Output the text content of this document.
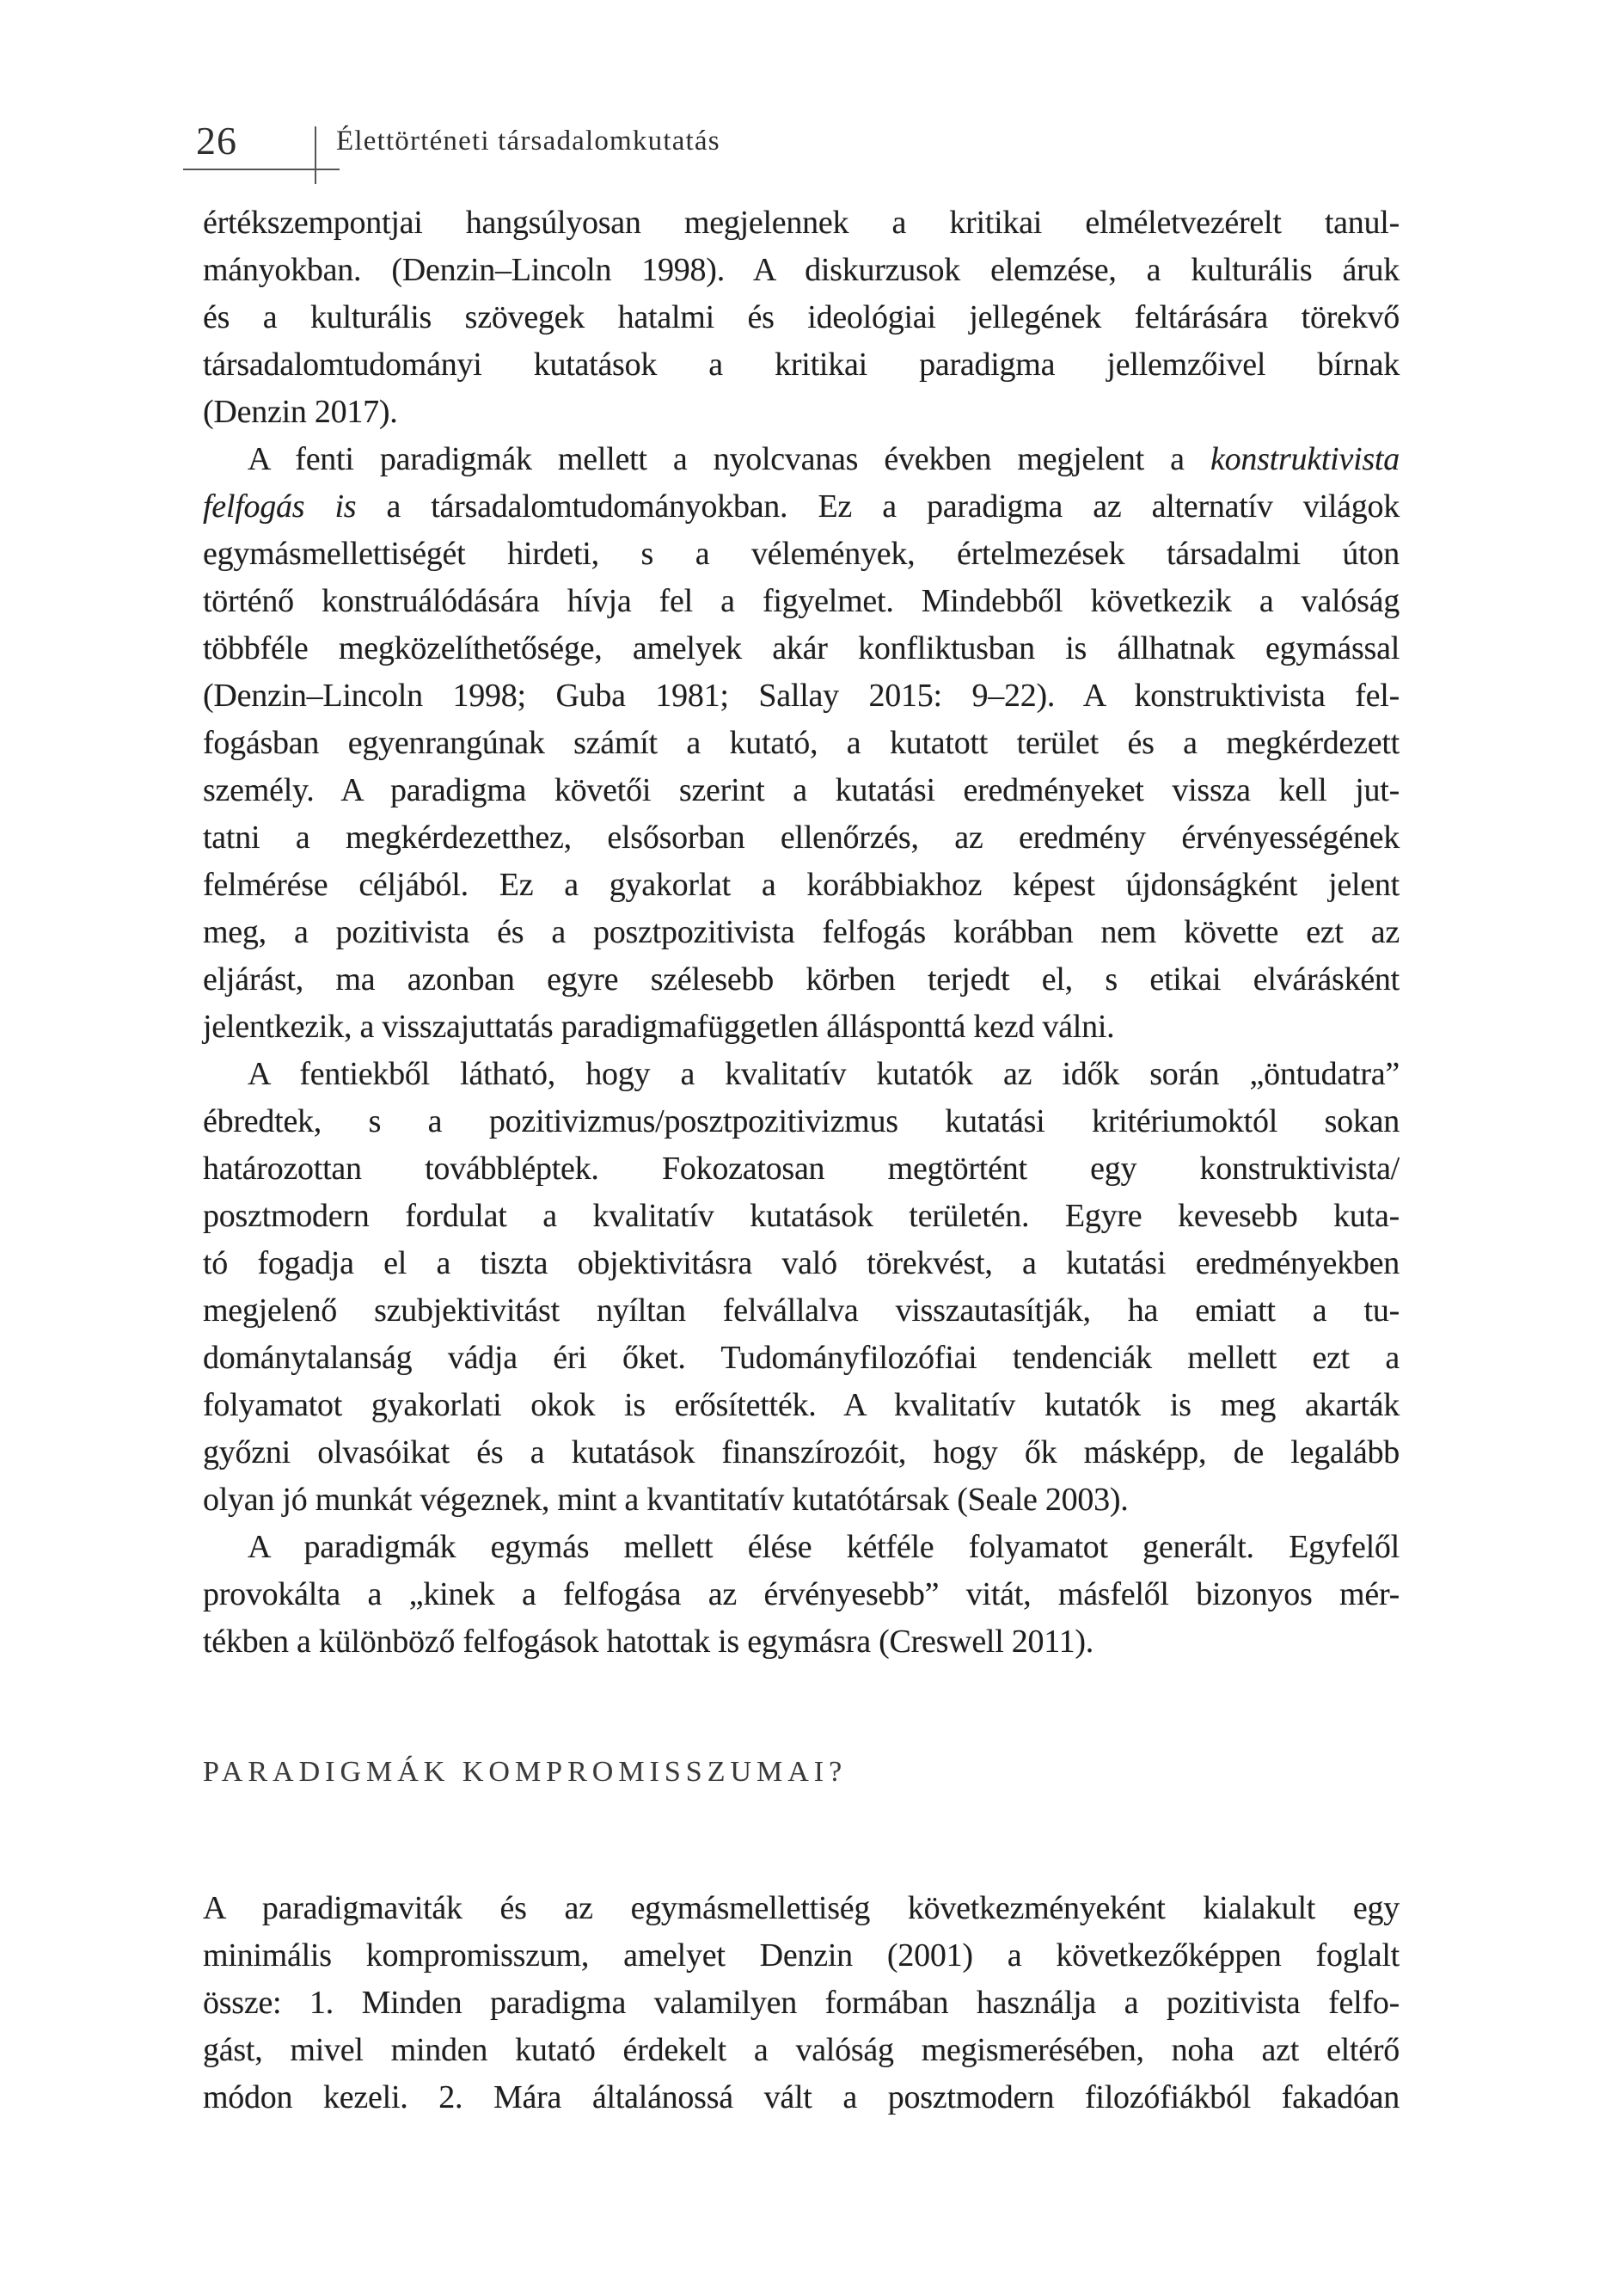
26	Élettörténeti társadalomkutatás
értékszempontjai hangsúlyosan megjelennek a kritikai elméletvezérelt tanul-
mányokban. (Denzin–Lincoln 1998). A diskurzusok elemzése, a kulturális áruk
és a kulturális szövegek hatalmi és ideológiai jellegének feltárására törekvő
társadalomtudományi kutatások a kritikai paradigma jellemzőivel bírnak
(Denzin 2017).
A fenti paradigmák mellett a nyolcvanas években megjelent a konstruktivista
felfogás is a társadalomtudományokban. Ez a paradigma az alternatív világok
egymásmellettiségét hirdeti, s a vélemények, értelmezések társadalmi úton
történő konstruálódására hívja fel a figyelmet. Mindebből következik a valóság
többféle megközelíthetősége, amelyek akár konfliktusban is állhatnak egymással
(Denzin–Lincoln 1998; Guba 1981; Sallay 2015: 9–22). A konstruktivista fel-
fogásban egyenrangúnak számít a kutató, a kutatott terület és a megkérdezett
személy. A paradigma követői szerint a kutatási eredményeket vissza kell jut-
tatni a megkérdezetthez, elsősorban ellenőrzés, az eredmény érvényességének
felmérése céljából. Ez a gyakorlat a korábbiakhoz képest újdonságként jelent
meg, a pozitivista és a posztpozitivista felfogás korábban nem követte ezt az
eljárást, ma azonban egyre szélesebb körben terjedt el, s etikai elvárásként
jelentkezik, a visszajuttatás paradigmafüggetlen állásponttá kezd válni.
A fentiekből látható, hogy a kvalitatív kutatók az idők során „öntudatra”
ébredtek, s a pozitivizmus/posztpozitivizmus kutatási kritériumoktól sokan
határozottan továbbléptek. Fokozatosan megtörtént egy konstruktivista/
posztmodern fordulat a kvalitatív kutatások területén. Egyre kevesebb kuta-
tó fogadja el a tiszta objektivitásra való törekvést, a kutatási eredményekben
megjelenő szubjektivitást nyíltan felvállalva visszautasítják, ha emiatt a tu-
dománytalanság vádja éri őket. Tudományfilozófiai tendenciák mellett ezt a
folyamatot gyakorlati okok is erősítették. A kvalitatív kutatók is meg akarták
győzni olvasóikat és a kutatások finanszírozóit, hogy ők másképp, de legalább
olyan jó munkát végeznek, mint a kvantitatív kutatótársak (Seale 2003).
A paradigmák egymás mellett élése kétféle folyamatot generált. Egyfelől
provokálta a „kinek a felfogása az érvényesebb” vitát, másfelől bizonyos mér-
tékben a különböző felfogások hatottak is egymásra (Creswell 2011).
PARADIGMÁK KOMPROMISSZUMAI?
A paradigmaviták és az egymásmellettiség következményeként kialakult egy
minimális kompromisszum, amelyet Denzin (2001) a következőképpen foglalt
össze: 1. Minden paradigma valamilyen formában használja a pozitivista felfo-
gást, mivel minden kutató érdekelt a valóság megismerésében, noha azt eltérő
módon kezeli. 2. Mára általánossá vált a posztmodern filozófiákból fakadóan
